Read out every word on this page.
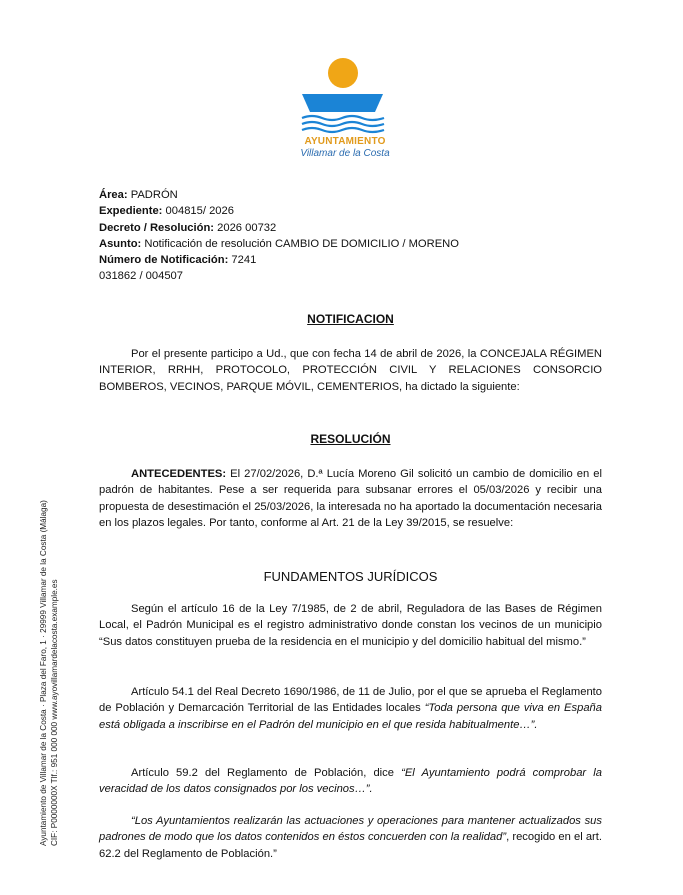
AYUNTAMIENTO
Villamar de la Costa
Ayuntamiento de Villamar de la Costa · Plaza del Faro, 1 · 29999 Villamar de la Costa (Málaga) CIF: P0000000X Tlf.: 951 000 000 www.ayovillamardelacosta.example.es
Área: PADRÓN
Expediente: 004815/ 2026
Decreto / Resolución: 2026 00732
Asunto: Notificación de resolución CAMBIO DE DOMICILIO / MORENO
Número de Notificación: 7241
031862 / 004507
NOTIFICACION
Por el presente participo a Ud., que con fecha 14 de abril de 2026, la CONCEJALA RÉGIMEN INTERIOR, RRHH, PROTOCOLO, PROTECCIÓN CIVIL Y RELACIONES CONSORCIO BOMBEROS, VECINOS, PARQUE MÓVIL, CEMENTERIOS, ha dictado la siguiente:
RESOLUCIÓN
ANTECEDENTES: El 27/02/2026, D.ª Lucía Moreno Gil solicitó un cambio de domicilio en el padrón de habitantes. Pese a ser requerida para subsanar errores el 05/03/2026 y recibir una propuesta de desestimación el 25/03/2026, la interesada no ha aportado la documentación necesaria en los plazos legales. Por tanto, conforme al Art. 21 de la Ley 39/2015, se resuelve:
FUNDAMENTOS JURÍDICOS
Según el artículo 16 de la Ley 7/1985, de 2 de abril, Reguladora de las Bases de Régimen Local, el Padrón Municipal es el registro administrativo donde constan los vecinos de un municipio “Sus datos constituyen prueba de la residencia en el municipio y del domicilio habitual del mismo.”
Artículo 54.1 del Real Decreto 1690/1986, de 11 de Julio, por el que se aprueba el Reglamento de Población y Demarcación Territorial de las Entidades locales “Toda persona que viva en España está obligada a inscribirse en el Padrón del municipio en el que resida habitualmente…”.
Artículo 59.2 del Reglamento de Población, dice “El Ayuntamiento podrá comprobar la veracidad de los datos consignados por los vecinos…”.
“Los Ayuntamientos realizarán las actuaciones y operaciones para mantener actualizados sus padrones de modo que los datos contenidos en éstos concuerden con la realidad”, recogido en el art. 62.2 del Reglamento de Población.”
